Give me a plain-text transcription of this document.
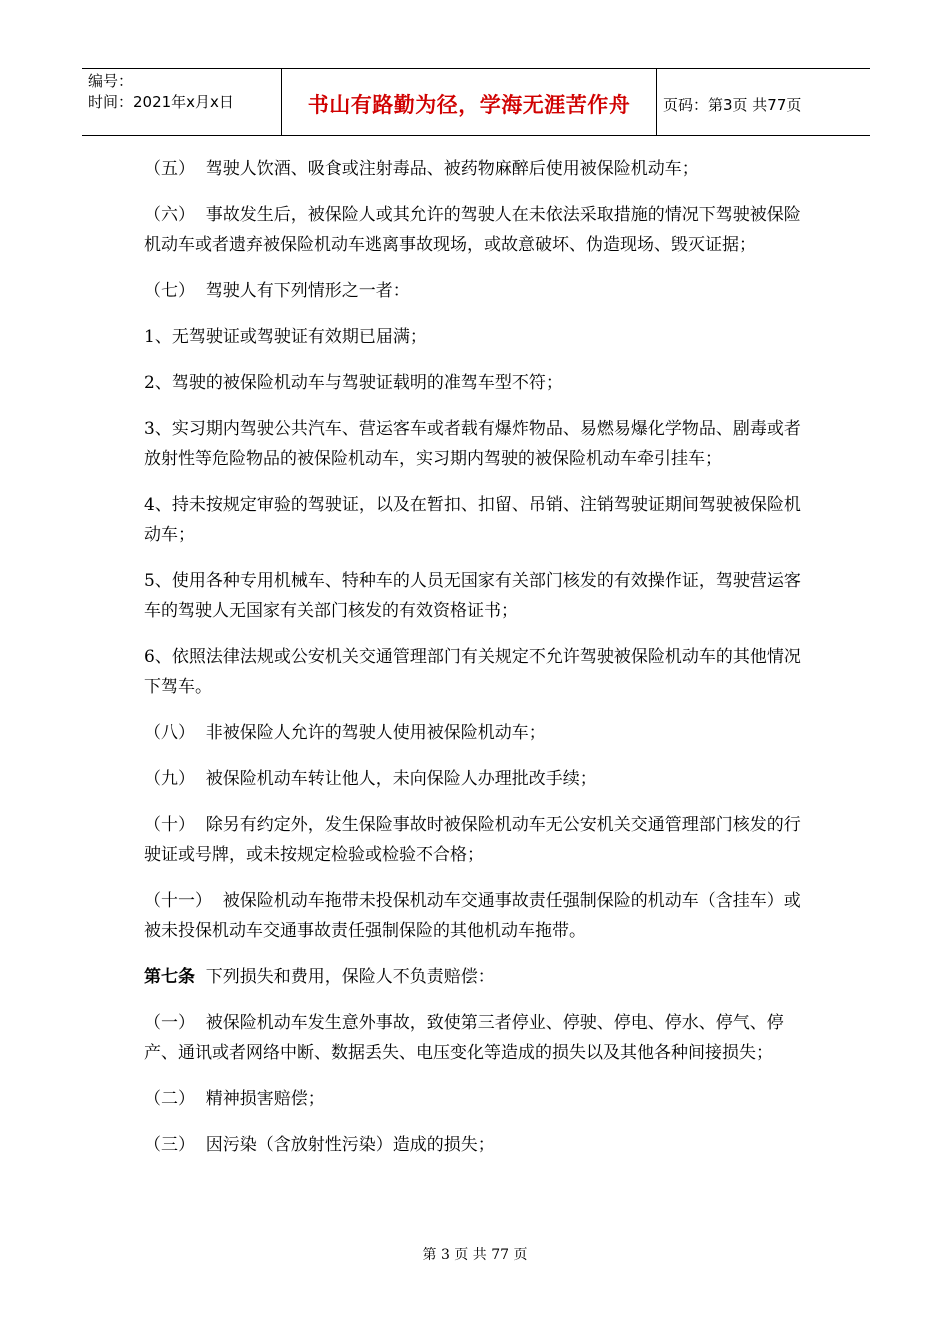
编号：
时间：2021年x月x日	书山有路勤为径，学海无涯苦作舟	页码：第3页 共77页

（五）  驾驶人饮酒、吸食或注射毒品、被药物麻醉后使用被保险机动车；

（六）  事故发生后，被保险人或其允许的驾驶人在未依法采取措施的情况下驾驶被保险机动车或者遗弃被保险机动车逃离事故现场，或故意破坏、伪造现场、毁灭证据；

（七）  驾驶人有下列情形之一者：

1、无驾驶证或驾驶证有效期已届满；

2、驾驶的被保险机动车与驾驶证载明的准驾车型不符；

3、实习期内驾驶公共汽车、营运客车或者载有爆炸物品、易燃易爆化学物品、剧毒或者放射性等危险物品的被保险机动车，实习期内驾驶的被保险机动车牵引挂车；

4、持未按规定审验的驾驶证，以及在暂扣、扣留、吊销、注销驾驶证期间驾驶被保险机动车；

5、使用各种专用机械车、特种车的人员无国家有关部门核发的有效操作证，驾驶营运客车的驾驶人无国家有关部门核发的有效资格证书；

6、依照法律法规或公安机关交通管理部门有关规定不允许驾驶被保险机动车的其他情况下驾车。

（八）  非被保险人允许的驾驶人使用被保险机动车；

（九）  被保险机动车转让他人，未向保险人办理批改手续；

（十）  除另有约定外，发生保险事故时被保险机动车无公安机关交通管理部门核发的行驶证或号牌，或未按规定检验或检验不合格；

（十一）  被保险机动车拖带未投保机动车交通事故责任强制保险的机动车（含挂车）或被未投保机动车交通事故责任强制保险的其他机动车拖带。

第七条  下列损失和费用，保险人不负责赔偿：

（一）  被保险机动车发生意外事故，致使第三者停业、停驶、停电、停水、停气、停产、通讯或者网络中断、数据丢失、电压变化等造成的损失以及其他各种间接损失；

（二）  精神损害赔偿；

（三）  因污染（含放射性污染）造成的损失；

第 3 页 共 77 页
